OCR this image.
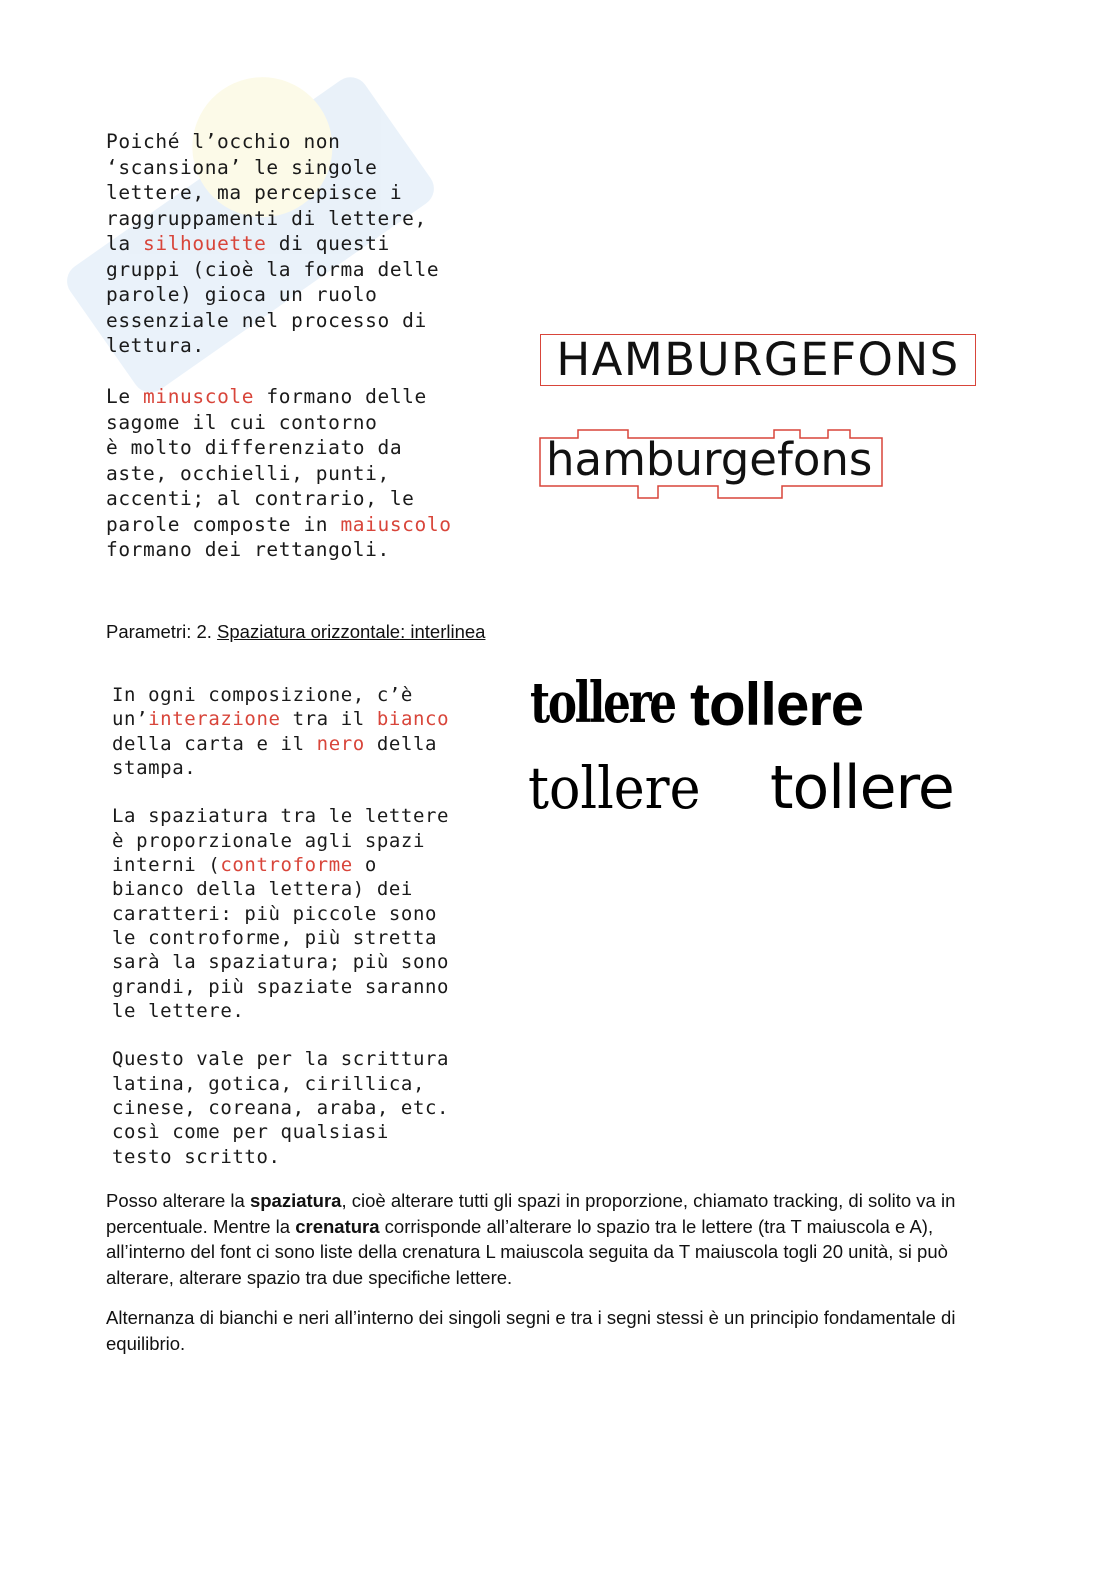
Poiché l’occhio non

‘scansiona’ le singole

lettere, ma percepisce i

raggruppamenti di lettere,

la silhouette di questi

gruppi (cioè la forma delle

parole) gioca un ruolo

essenziale nel processo di

lettura.

Le minuscole formano delle

sagome il cui contorno

è molto differenziato da

aste, occhielli, punti,

accenti; al contrario, le

parole composte in maiuscolo

formano dei rettangoli.

HAMBURGEFONS
hamburgefons
Parametri: 2. Spaziatura orizzontale: interlinea

In ogni composizione, c’è

un’interazione tra il bianco

della carta e il nero della

stampa.

La spaziatura tra le lettere

è proporzionale agli spazi

interni (controforme o

bianco della lettera) dei

caratteri: più piccole sono

le controforme, più stretta

sarà la spaziatura; più sono

grandi, più spaziate saranno

le lettere.

Questo vale per la scrittura

latina, gotica, cirillica,

cinese, coreana, araba, etc.

così come per qualsiasi

testo scritto.

tollere tollere
tollere tollere
Posso alterare la spaziatura, cioè alterare tutti gli spazi in proporzione, chiamato tracking, di solito va in percentuale. Mentre la crenatura corrisponde all’alterare lo spazio tra le lettere (tra T maiuscola e A), all’interno del font ci sono liste della crenatura L maiuscola seguita da T maiuscola togli 20 unità, si può alterare, alterare spazio tra due specifiche lettere.
Alternanza di bianchi e neri all’interno dei singoli segni e tra i segni stessi è un principio fondamentale di equilibrio.
